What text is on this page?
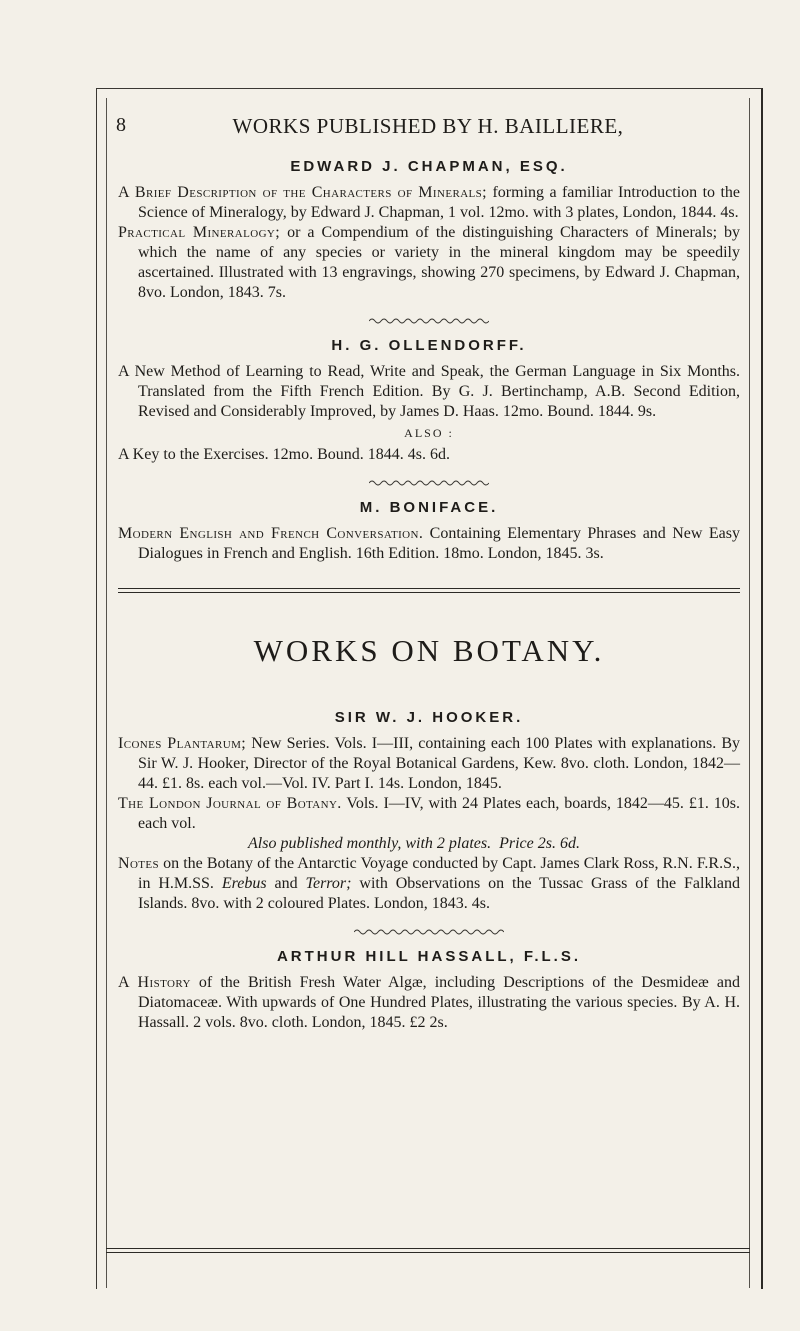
8	WORKS PUBLISHED BY H. BAILLIERE,
EDWARD J. CHAPMAN, ESQ.

A Brief Description of the Characters of Minerals; forming a familiar Introduction to the Science of Mineralogy, by Edward J. Chapman, 1 vol. 12mo. with 3 plates, London, 1844. 4s.

Practical Mineralogy; or a Compendium of the distinguishing Characters of Minerals; by which the name of any species or variety in the mineral kingdom may be speedily ascertained. Illustrated with 13 engravings, showing 270 specimens, by Edward J. Chapman, 8vo. London, 1843. 7s.

H. G. OLLENDORFF.

A New Method of Learning to Read, Write and Speak, the German Language in Six Months. Translated from the Fifth French Edition. By G. J. Bertinchamp, A.B. Second Edition, Revised and Considerably Improved, by James D. Haas. 12mo. Bound. 1844. 9s.

ALSO :

A Key to the Exercises. 12mo. Bound. 1844. 4s. 6d.

M. BONIFACE.

Modern English and French Conversation. Containing Elementary Phrases and New Easy Dialogues in French and English. 16th Edition. 18mo. London, 1845. 3s.

WORKS ON BOTANY.
SIR W. J. HOOKER.

Icones Plantarum; New Series. Vols. I—III, containing each 100 Plates with explanations. By Sir W. J. Hooker, Director of the Royal Botanical Gardens, Kew. 8vo. cloth. London, 1842—44. £1. 8s. each vol.—Vol. IV. Part I. 14s. London, 1845.

The London Journal of Botany. Vols. I—IV, with 24 Plates each, boards, 1842—45. £1. 10s. each vol.

Also published monthly, with 2 plates. Price 2s. 6d.

Notes on the Botany of the Antarctic Voyage conducted by Capt. James Clark Ross, R.N. F.R.S., in H.M.SS. Erebus and Terror; with Observations on the Tussac Grass of the Falkland Islands. 8vo. with 2 coloured Plates. London, 1843. 4s.

ARTHUR HILL HASSALL, F.L.S.

A History of the British Fresh Water Algæ, including Descriptions of the Desmideæ and Diatomaceæ. With upwards of One Hundred Plates, illustrating the various species. By A. H. Hassall. 2 vols. 8vo. cloth. London, 1845. £2 2s.
